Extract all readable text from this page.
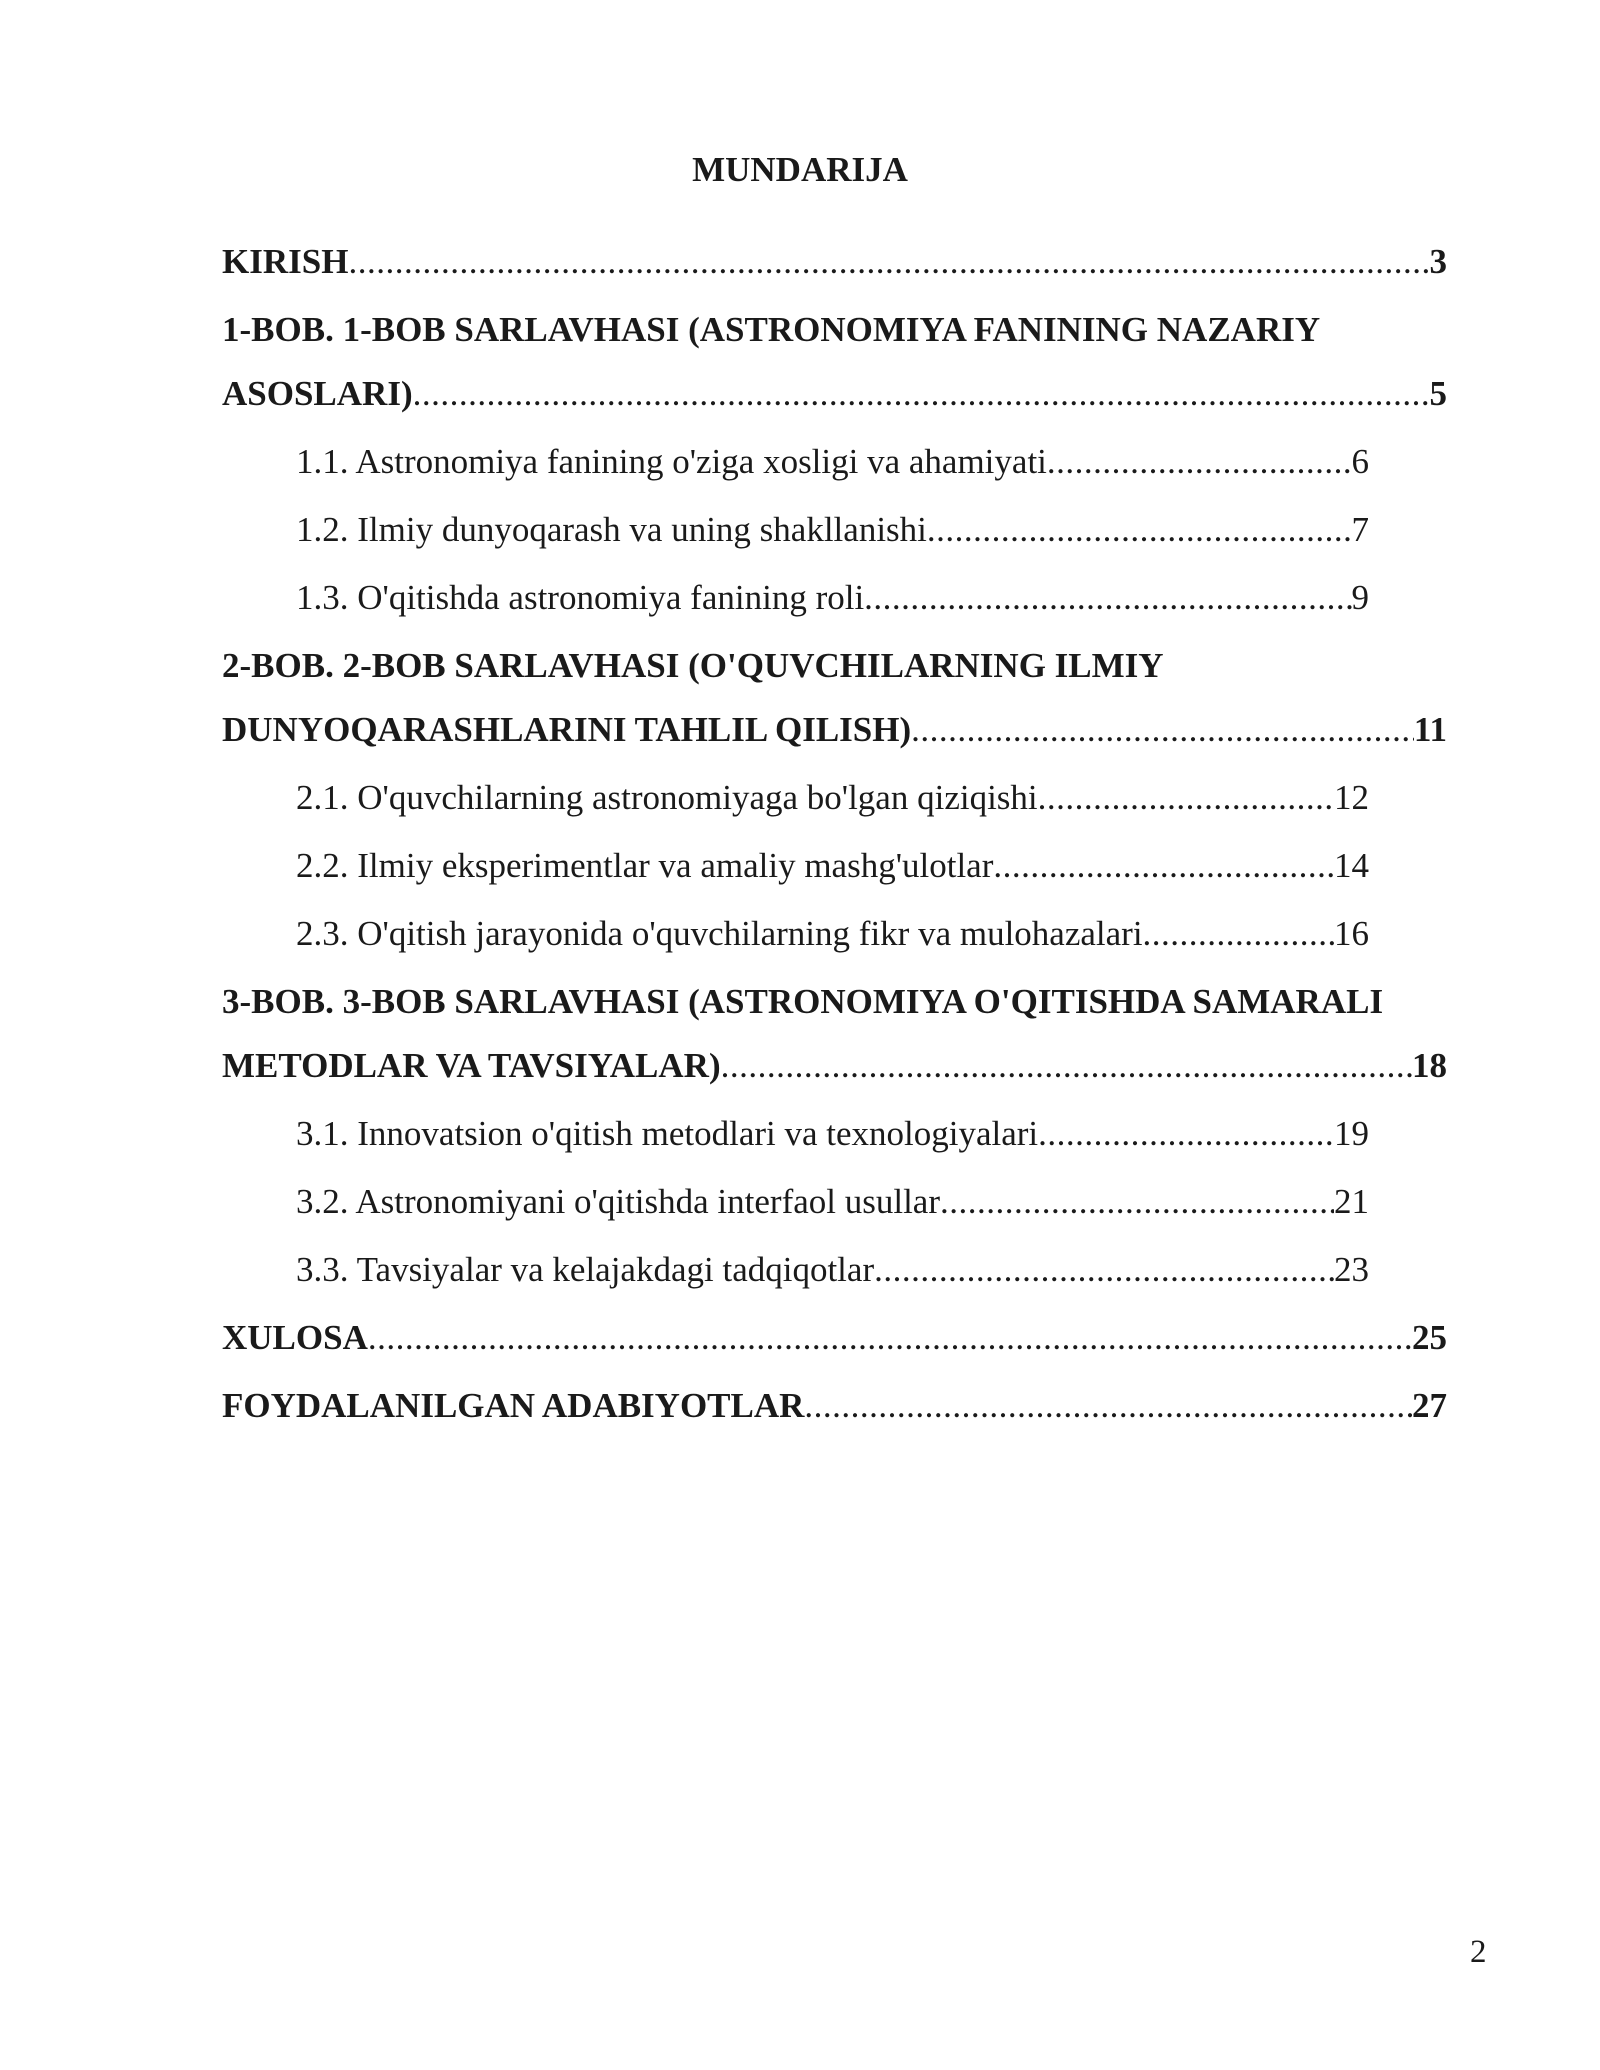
MUNDARIJA
KIRISH .....	3
1-BOB. 1-BOB SARLAVHASI (ASTRONOMIYA FANINING NAZARIY
ASOSLARI) .....	5
1.1. Astronomiya fanining o'ziga xosligi va ahamiyati .....	6
1.2. Ilmiy dunyoqarash va uning shakllanishi .....	7
1.3. O'qitishda astronomiya fanining roli .....	9
2-BOB. 2-BOB SARLAVHASI (O'QUVCHILARNING ILMIY
DUNYOQARASHLARINI TAHLIL QILISH) .....	11
2.1. O'quvchilarning astronomiyaga bo'lgan qiziqishi .....	12
2.2. Ilmiy eksperimentlar va amaliy mashg'ulotlar .....	14
2.3. O'qitish jarayonida o'quvchilarning fikr va mulohazalari .....	16
3-BOB. 3-BOB SARLAVHASI (ASTRONOMIYA O'QITISHDA SAMARALI
METODLAR VA TAVSIYALAR) .....	18
3.1. Innovatsion o'qitish metodlari va texnologiyalari .....	19
3.2. Astronomiyani o'qitishda interfaol usullar .....	21
3.3. Tavsiyalar va kelajakdagi tadqiqotlar .....	23
XULOSA .....	25
FOYDALANILGAN ADABIYOTLAR .....	27
2
